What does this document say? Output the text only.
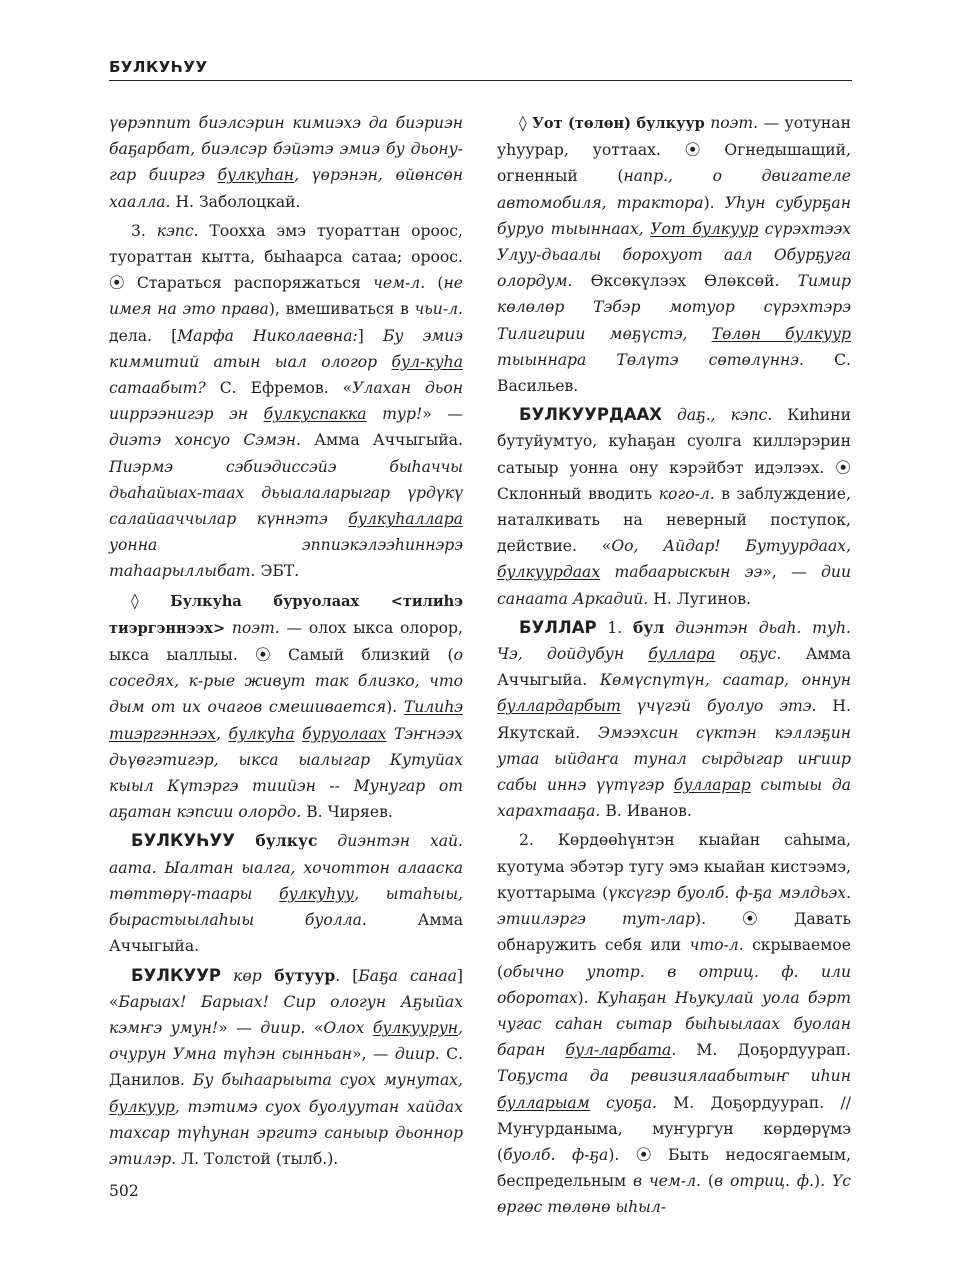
БУЛКУҺУУ

үөрэппит биэлсэрин кимиэхэ да биэриэн баҕарбат, биэлсэр бэйэтэ эмиэ бу дьону-гар бииргэ булкуһан, үөрэнэн, өйөнсөн хаалла. Н. Заболоцкай.

3. кэпс. Тоохха эмэ туораттан ороос, туораттан кытта, быһаарса сатаа; ороос. ⦿ Стараться распоряжаться чем-л. (не имея на это права), вмешиваться в чьи-л. дела. [Марфа Николаевна:] Бу эмиэ киммитий атын ыал ологор бул-куһа сатаабыт? С. Ефремов. «Улахан дьон ииррээнигэр эн булкуспакка тур!» — диэтэ хонсуо Сэмэн. Амма Аччыгыйа. Пиэрмэ сэбиэдиссэйэ быһаччы дьаһайыах-таах дьыалаларыгар үрдүкү салайааччылар күннэтэ булкуһаллара уонна эппиэкэлээһиннэрэ таһаарыллыбат. ЭБТ.

◊ Булкуһа буруолаах <тилиһэ тиэргэннээх> поэт. — олох ыкса олорор, ыкса ыаллыы. ⦿ Самый близкий (о соседях, к-рые живут так близко, что дым от их очагов смешивается). Тилиһэ тиэргэннээх, булкуһа буруолаах Тэҥнээх дьүөгэтигэр, ыкса ыалыгар Кутуйах кыыл Күтэргэ тиийэн -- Мунугар от аҕатан кэпсии олордо. В. Чиряев.

БУЛКУҺУУ булкус диэнтэн хай. аата. Ыалтан ыалга, хочоттон алааска төттөрү-таары булкуһуу, ытаһыы, бырастыылаһыы буолла. Амма Аччыгыйа.

БУЛКУУР көр бутуур. [Баҕа санаа] «Барыах! Барыах! Сир ологун Аҕыйах кэмҥэ умун!» — диир. «Олох булкуурун, очурун Умна түһэн сынньан», — диир. С. Данилов. Бу быһаарыыта суох мунутах, булкуур, тэтимэ суох буолуутан хайдах тахсар түһунан эргитэ саныыр дьоннор этилэр. Л. Толстой (тылб.).

◊ Уот (төлөн) булкуур поэт. — уотунан уһуурар, уоттаах. ⦿ Огнедышащий, огненный (напр., о двигателе автомобиля, трактора). Уһун субурҕан буруо тыыннаах, Уот булкуур сүрэхтээх Улуу-дьаалы борохуот аал Обурҕуга олордум. Өксөкүлээх Өлөксөй. Тимир көлөлөр Тэбэр мотуор сүрэхтэрэ Тилигирии мөҕүстэ, Төлөн булкуур тыыннара Төлүтэ сөтөлүннэ. С. Васильев.

БУЛКУУРДААХ даҕ., кэпс. Киһини бутуйумтуо, куһаҕан суолга киллэрэрин сатыыр уонна ону кэрэйбэт идэлээх. ⦿ Склонный вводить кого-л. в заблуждение, наталкивать на неверный поступок, действие. «Оо, Айдар! Бутуурдаах, булкуурдаах табаарыскын ээ», — дии санаата Аркадий. Н. Лугинов.

БУЛЛАР 1. бул диэнтэн дьаһ. туһ. Чэ, дойдубун буллара оҕус. Амма Аччыгыйа. Көмүспүтүн, саатар, оннун буллардарбыт үчүгэй буолуо этэ. Н. Якутскай. Эмээхсин сүктэн кэллэҕин утаа ыйдаҥа тунал сырдыгар иҥиир сабы иннэ үүтүгэр булларар сытыы да харахтааҕа. В. Иванов.

2. Көрдөөһүнтэн кыайан саһыма, куотума эбэтэр тугу эмэ кыайан кистээмэ, куоттарыма (үксүгэр буолб. ф-ҕа мэлдьэх. этиилэргэ тут-лар). ⦿ Давать обнаружить себя или что-л. скрываемое (обычно употр. в отриц. ф. или оборотах). Куһаҕан Ньукулай уола бэрт чугас саһан сытар быһыылаах буолан баран бул-ларбата. М. Доҕордуурап. Тоҕуста да ревизиялаабытыҥ иһин булларыам суоҕа. М. Доҕордуурап. // Муҥурданыма, муҥургун көрдөрүмэ (буолб. ф-ҕа). ⦿ Быть недосягаемым, беспредельным в чем-л. (в отриц. ф.). Үс өргөс төлөнө ыһыл-

502
